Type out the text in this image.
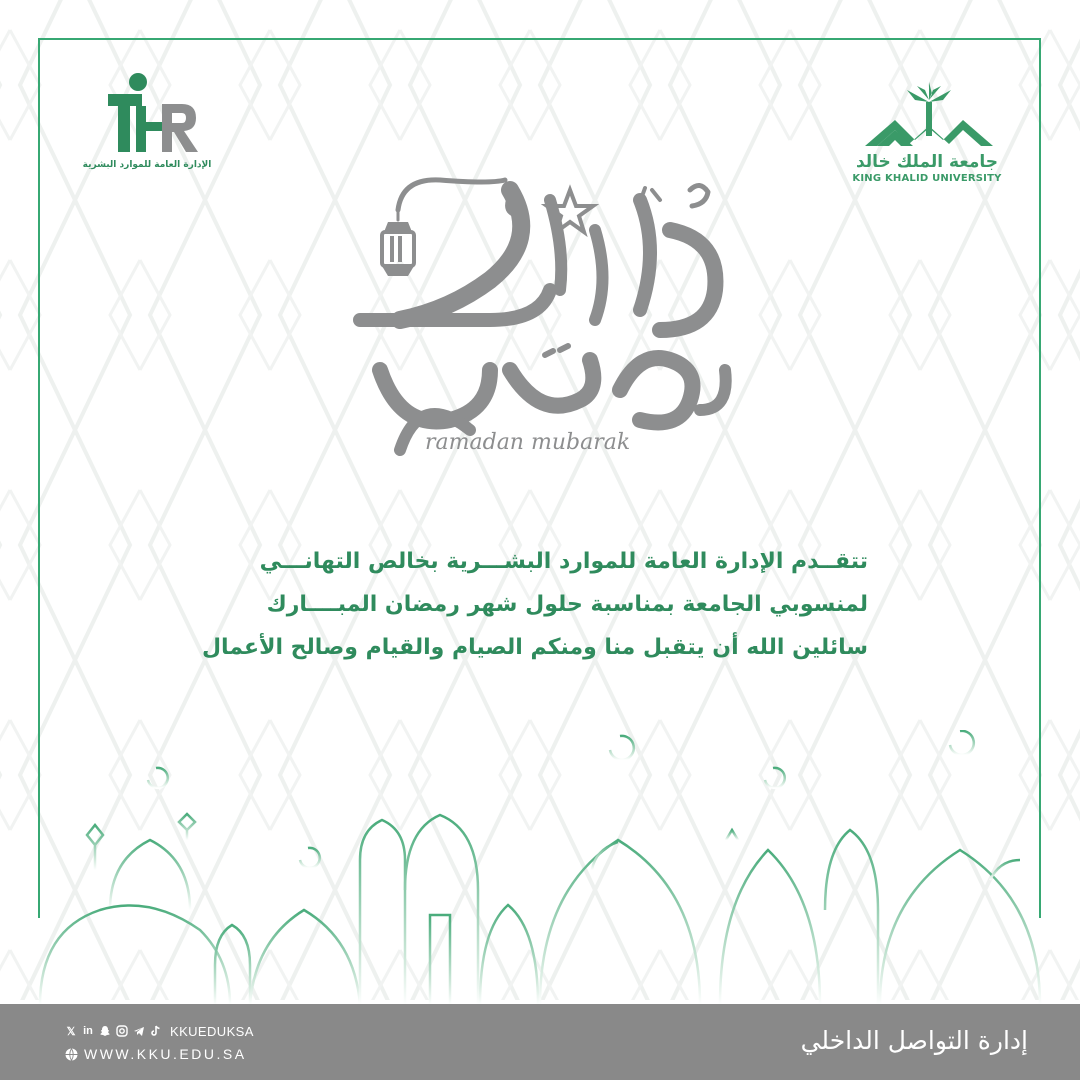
الإدارة العامة للموارد البشرية	جامعة الملك خالد
KING KHALID UNIVERSITY
ramadan mubarak
تتقــدم الإدارة العامة للموارد البشـــرية بخالص التهانـــي
لمنسوبي الجامعة بمناسبة حلول شهر رمضان المبــــارك
سائلين الله أن يتقبل منا ومنكم الصيام والقيام وصالح الأعمال
𝕏 in	KKUEDUKSA
WWW.KKU.EDU.SA	إدارة التواصل الداخلي
